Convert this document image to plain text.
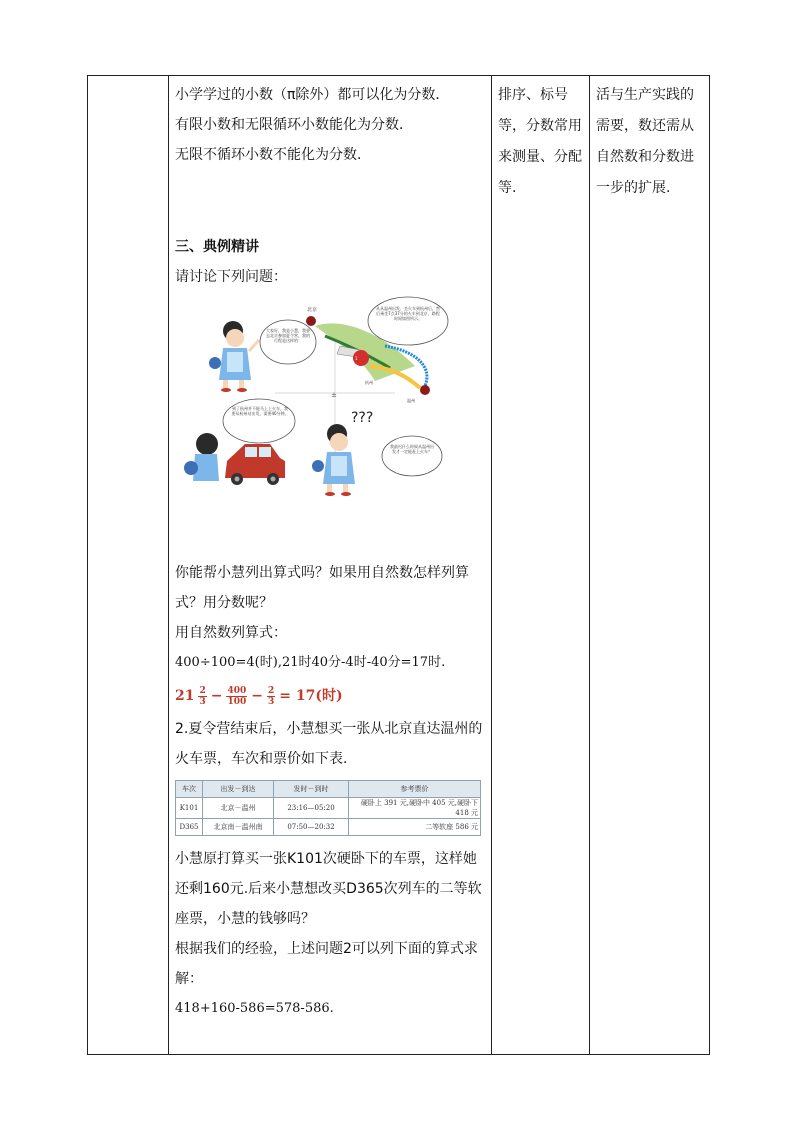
小学学过的小数（π除外）都可以化为分数．
有限小数和无限循环小数能化为分数．
无限不循环小数不能化为分数．
三、典例精讲
请讨论下列问题：
±
大家好，我是小慧，我要去北京参加夏令营，我的行程是这样的：
北京
1
杭州
温州
从从温州出发，坐火车到杭州后，然后乘坐7点37分的火车到北京，路程时间如图所示。
到了杭州并不能马上上火车，我要从杭州站出发，需要40分钟。	???
我最迟什么时候从温州出发才一定能赶上火车？
你能帮小慧列出算式吗？如果用自然数怎样列算式？用分数呢？
用自然数列算式：
400÷100=4(时),21时40分-4时-40分=17时.
$21 \frac{2}{3} - \frac{400}{100} - \frac{2}{3} = 17$(时)
2.夏令营结束后，小慧想买一张从北京直达温州的火车票，车次和票价如下表.
车次	出发－到达	发时－到时	参考票价
K101	北京－温州	23:16—05:20	硬卧上 391 元,硬卧中 405 元,硬卧下 418 元
D365	北京南－温州南	07:50—20:32	二等软座 586 元
小慧原打算买一张K101次硬卧下的车票，这样她还剩160元.后来小慧想改买D365次列车的二等软座票，小慧的钱够吗？
根据我们的经验，上述问题2可以列下面的算式求解：
418+160-586=578-586.

排序、标号等，分数常用来测量、分配等.

活与生产实践的需要，数还需从自然数和分数进一步的扩展.
